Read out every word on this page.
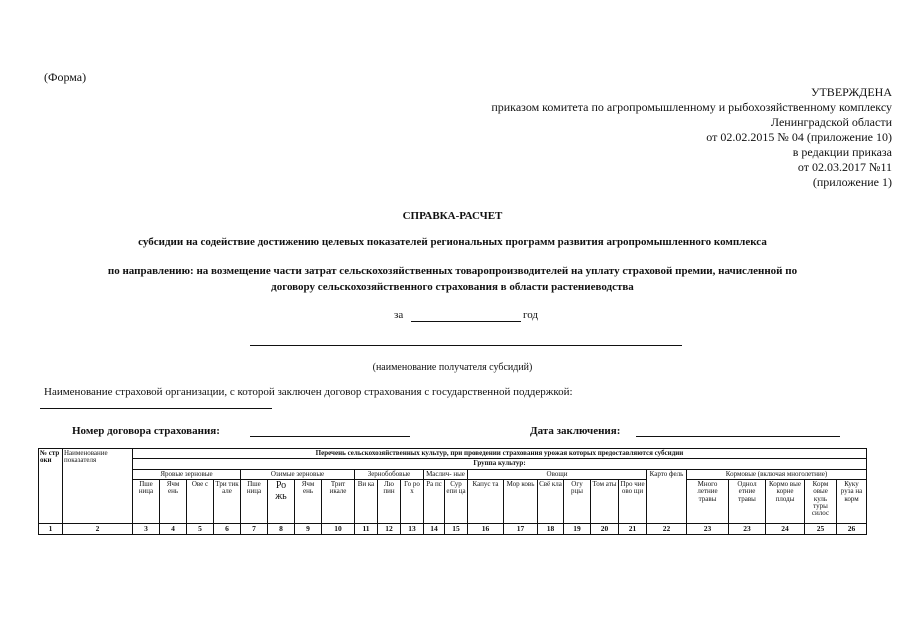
(Форма)
УТВЕРЖДЕНА
приказом комитета по агропромышленному и рыбохозяйственному комплексу
Ленинградской области
от 02.02.2015 № 04 (приложение 10)
в редакции приказа
от 02.03.2017 №11
(приложение 1)
СПРАВКА-РАСЧЕТ
субсидии на содействие достижению целевых показателей региональных программ развития агропромышленного комплекса
по направлению: на возмещение части затрат сельскохозяйственных товаропроизводителей на уплату страховой премии, начисленной по
договору сельскохозяйственного страхования в области растениеводства
за	год
(наименование получателя субсидий)
Наименование страховой организации, с которой заключен договор страхования с государственной поддержкой:
Номер договора страхования:	Дата заключения:
№ стр оки	Наименование показателя	Перечень сельскохозяйственных культур, при проведении страхования урожая которых предоставляются субсидии																								
		Группа культур:																								
		Яровые зерновые				Озимые зерновые				Зернобобовые			Маслич- ные		Овощи						Карто фель	Кормовые (включая многолетние)				
		Пше ница	Ячм ень	Ове с	Три тик але	Пше ница	Ро жь	Ячм ень	Трит икале	Ви ка	Лю пин	Го ро х	Ра пс	Сур епи ца	Капус та	Мор ковь	Свё кла	Огу рцы	Том аты	Про чие ово щи		Много летние травы	Однол етние травы	Кормо вые корне плоды	Корм овые куль туры силос	Куку руза на корм
1	2	3	4	5	6	7	8	9	10	11	12	13	14	15	16	17	18	19	20	21	22	23	23	24	25	26
